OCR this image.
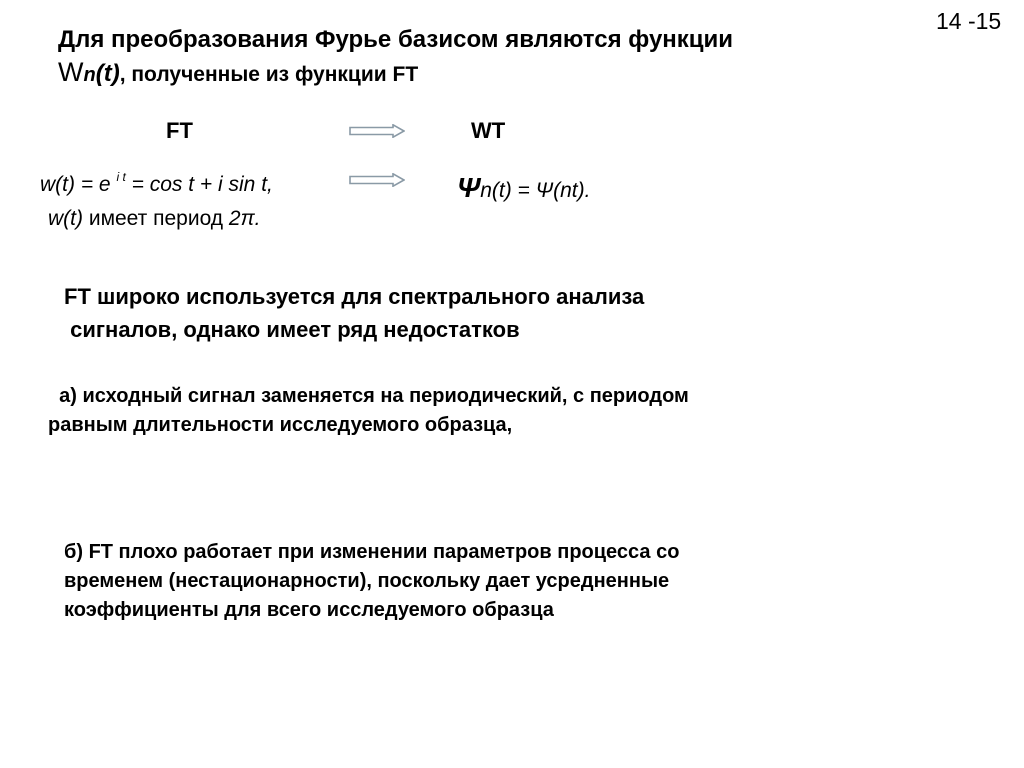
14 -15
Для преобразования Фурье базисом являются функции
Wn(t), полученные из функции FT
FT	WT
w(t) = e $^{i t}$ = cos t + i sin t,
w(t) имеет период 2π.
Ψn(t) = Ψ(nt).
FT широко используется для спектрального анализа
сигналов, однако имеет ряд недостатков
а) исходный сигнал заменяется на периодический, с периодом
равным длительности исследуемого образца,
б) FT плохо работает при изменении параметров процесса со
временем (нестационарности), поскольку дает усредненные
коэффициенты для всего исследуемого образца
